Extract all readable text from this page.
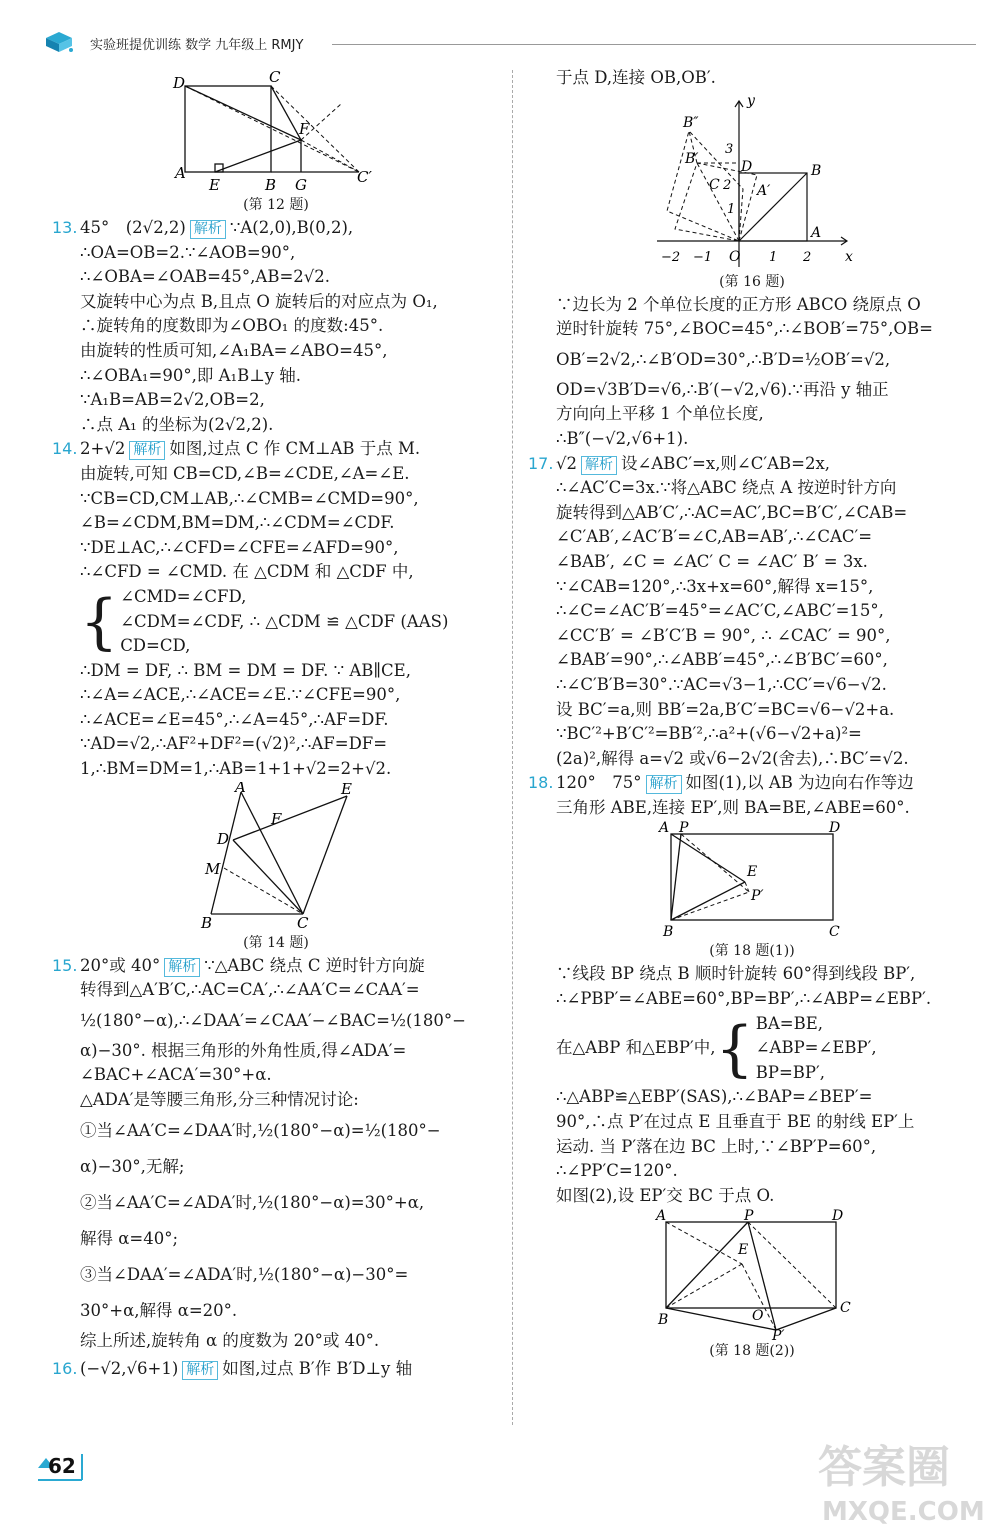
实验班提优训练 数学 九年级上 RMJY
D	C
F
A
E	B G	C′
(第 12 题)
13. 45°　(2√2,2) 解析 ∵A(2,0),B(0,2),
∴OA=OB=2.∵∠AOB=90°,
∴∠OBA=∠OAB=45°,AB=2√2.
又旋转中心为点 B,且点 O 旋转后的对应点为 O₁,
∴旋转角的度数即为∠OBO₁ 的度数:45°.
由旋转的性质可知,∠A₁BA=∠ABO=45°,
∴∠OBA₁=90°,即 A₁B⊥y 轴.
∵A₁B=AB=2√2,OB=2,
∴点 A₁ 的坐标为(2√2,2).
14. 2+√2 解析 如图,过点 C 作 CM⊥AB 于点 M.
由旋转,可知 CB=CD,∠B=∠CDE,∠A=∠E.
∵CB=CD,CM⊥AB,∴∠CMB=∠CMD=90°,
∠B=∠CDM,BM=DM,∴∠CDM=∠CDF.
∵DE⊥AC,∴∠CFD=∠CFE=∠AFD=90°,
∴∠CFD = ∠CMD. 在 △CDM 和 △CDF 中,
{ ∠CMD=∠CFD,
∠CDM=∠CDF, ∴ △CDM ≌ △CDF (AAS)
CD=CD,
∴DM = DF, ∴ BM = DM = DF. ∵ AB∥CE,
∴∠A=∠ACE,∴∠ACE=∠E.∵∠CFE=90°,
∴∠ACE=∠E=45°,∴∠A=45°,∴AF=DF.
∵AD=√2,∴AF²+DF²=(√2)²,∴AF=DF=
1,∴BM=DM=1,∴AB=1+1+√2=2+√2.
A	E
F
D
M
B	C
(第 14 题)
15. 20°或 40° 解析 ∵△ABC 绕点 C 逆时针方向旋
转得到△A′B′C,∴AC=CA′,∴∠AA′C=∠CAA′=
½(180°−α),∴∠DAA′=∠CAA′−∠BAC=½(180°−
α)−30°. 根据三角形的外角性质,得∠ADA′=
∠BAC+∠ACA′=30°+α.
△ADA′是等腰三角形,分三种情况讨论:
①当∠AA′C=∠DAA′时,½(180°−α)=½(180°−
α)−30°,无解;
②当∠AA′C=∠ADA′时,½(180°−α)=30°+α,
解得 α=40°;
③当∠DAA′=∠ADA′时,½(180°−α)−30°=
30°+α,解得 α=20°.
综上所述,旋转角 α 的度数为 20°或 40°.
16. (−√2,√6+1) 解析 如图,过点 B′作 B′D⊥y 轴
于点 D,连接 OB,OB′.
B″
y
B′
3
D	B
C 2 A′
1
A
x
O
−2 −1	1 2
(第 16 题)
∵边长为 2 个单位长度的正方形 ABCO 绕原点 O
逆时针旋转 75°,∠BOC=45°,∴∠BOB′=75°,OB=
OB′=2√2,∴∠B′OD=30°,∴B′D=½OB′=√2,
OD=√3B′D=√6,∴B′(−√2,√6).∵再沿 y 轴正
方向向上平移 1 个单位长度,
∴B″(−√2,√6+1).
17. √2 解析 设∠ABC′=x,则∠C′AB=2x,
∴∠AC′C=3x.∵将△ABC 绕点 A 按逆时针方向
旋转得到△AB′C′,∴AC=AC′,BC=B′C′,∠CAB=
∠C′AB′,∠AC′B′=∠C,AB=AB′,∴∠CAC′=
∠BAB′, ∠C = ∠AC′ C = ∠AC′ B′ = 3x.
∵∠CAB=120°,∴3x+x=60°,解得 x=15°,
∴∠C=∠AC′B′=45°=∠AC′C,∠ABC′=15°,
∠CC′B′ = ∠B′C′B = 90°, ∴ ∠CAC′ = 90°,
∠BAB′=90°,∴∠ABB′=45°,∴∠B′BC′=60°,
∴∠C′B′B=30°.∵AC=√3−1,∴CC′=√6−√2.
设 BC′=a,则 BB′=2a,B′C′=BC=√6−√2+a.
∵BC′²+B′C′²=BB′²,∴a²+(√6−√2+a)²=
(2a)²,解得 a=√2 或√6−2√2(舍去),∴BC′=√2.
18. 120°　75° 解析 如图(1),以 AB 为边向右作等边
三角形 ABE,连接 EP′,则 BA=BE,∠ABE=60°.
A P	D
E
P′
B	C
(第 18 题(1))
∵线段 BP 绕点 B 顺时针旋转 60°得到线段 BP′,
∴∠PBP′=∠ABE=60°,BP=BP′,∴∠ABP=∠EBP′.
在△ABP 和△EBP′中, { BA=BE,
∠ABP=∠EBP′,
BP=BP′,
∴△ABP≌△EBP′(SAS),∴∠BAP=∠BEP′=
90°,∴点 P′在过点 E 且垂直于 BE 的射线 EP′上
运动. 当 P′落在边 BC 上时,∵∠BP′P=60°,
∴∠PP′C=120°.
如图(2),设 EP′交 BC 于点 O.
A	P	D
E
B	O	C
P′
(第 18 题(2))
62	答案圈
MXQE.COM
